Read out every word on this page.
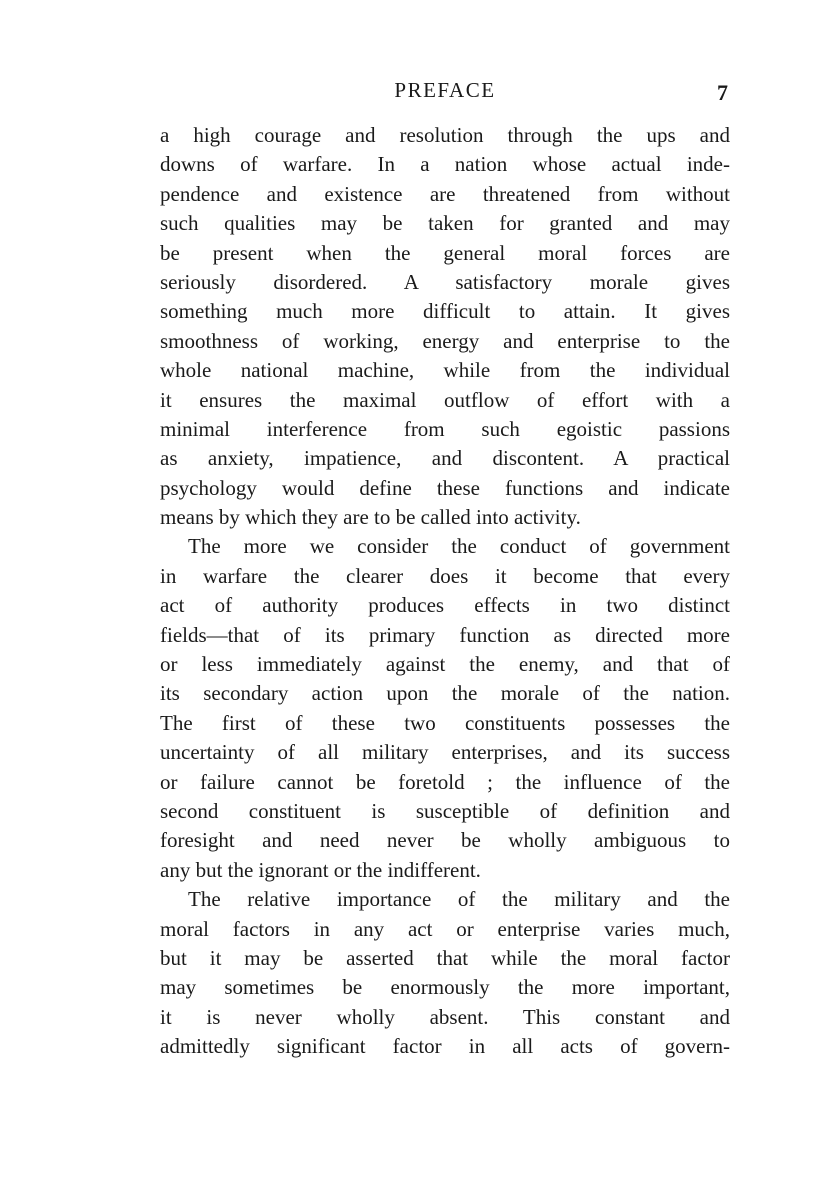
PREFACE	7
a high courage and resolution through the ups and
downs of warfare. In a nation whose actual inde-
pendence and existence are threatened from without
such qualities may be taken for granted and may
be present when the general moral forces are
seriously disordered. A satisfactory morale gives
something much more difficult to attain. It gives
smoothness of working, energy and enterprise to the
whole national machine, while from the individual
it ensures the maximal outflow of effort with a
minimal interference from such egoistic passions
as anxiety, impatience, and discontent. A practical
psychology would define these functions and indicate
means by which they are to be called into activity.
The more we consider the conduct of government
in warfare the clearer does it become that every
act of authority produces effects in two distinct
fields—that of its primary function as directed more
or less immediately against the enemy, and that of
its secondary action upon the morale of the nation.
The first of these two constituents possesses the
uncertainty of all military enterprises, and its success
or failure cannot be foretold ; the influence of the
second constituent is susceptible of definition and
foresight and need never be wholly ambiguous to
any but the ignorant or the indifferent.
The relative importance of the military and the
moral factors in any act or enterprise varies much,
but it may be asserted that while the moral factor
may sometimes be enormously the more important,
it is never wholly absent. This constant and
admittedly significant factor in all acts of govern-
